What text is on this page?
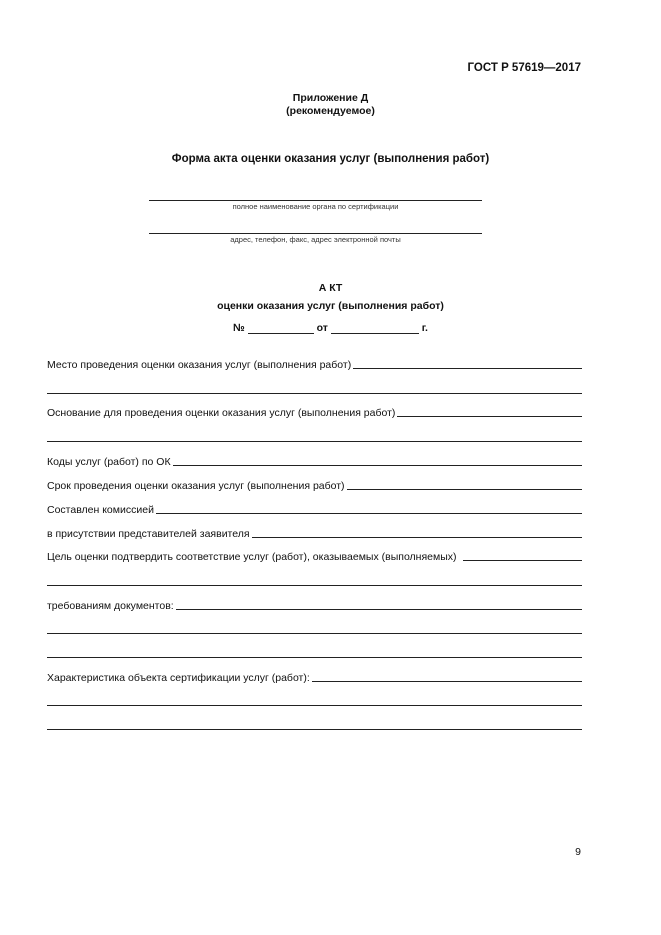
ГОСТ Р 57619—2017
Приложение Д
(рекомендуемое)
Форма акта оценки оказания услуг (выполнения работ)
полное наименование органа по сертификации
адрес, телефон, факс, адрес электронной почты
А КТ
оценки оказания услуг (выполнения работ)
№	от	г.
Место проведения оценки оказания услуг (выполнения работ)
Основание для проведения оценки оказания услуг (выполнения работ)
Коды услуг (работ) по ОК
Срок проведения оценки оказания услуг (выполнения работ)
Составлен комиссией
в присутствии представителей заявителя
Цель оценки подтвердить соответствие услуг (работ), оказываемых (выполняемых)
требованиям документов:
Характеристика объекта сертификации услуг (работ):
9
